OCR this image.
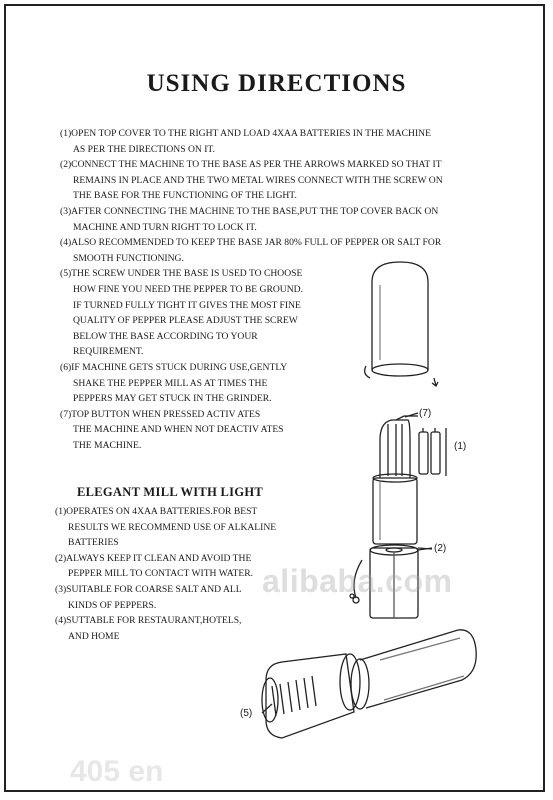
USING DIRECTIONS
(1)OPEN TOP COVER TO THE RIGHT AND LOAD 4XAA BATTERIES IN THE MACHINE
AS PER THE DIRECTIONS ON IT.
(2)CONNECT THE MACHINE TO THE BASE AS PER THE ARROWS MARKED SO THAT IT
REMAINS IN PLACE AND THE TWO METAL WIRES CONNECT WITH THE SCREW ON
THE BASE FOR THE FUNCTIONING OF THE LIGHT.
(3)AFTER CONNECTING THE MACHINE TO THE BASE,PUT THE TOP COVER BACK ON
MACHINE AND TURN RIGHT TO LOCK IT.
(4)ALSO RECOMMENDED TO KEEP THE BASE JAR 80% FULL OF PEPPER OR SALT FOR
SMOOTH FUNCTIONING.
(5)THE SCREW UNDER THE BASE IS USED TO CHOOSE
HOW FINE YOU NEED THE PEPPER TO BE GROUND.
IF TURNED FULLY TIGHT IT GIVES THE MOST FINE
QUALITY OF PEPPER PLEASE ADJUST THE SCREW
BELOW THE BASE ACCORDING TO YOUR
REQUIREMENT.
(6)IF MACHINE GETS STUCK DURING USE,GENTLY
SHAKE THE PEPPER MILL AS AT TIMES THE
PEPPERS MAY GET STUCK IN THE GRINDER.
(7)TOP BUTTON WHEN PRESSED ACTIV ATES
THE MACHINE AND WHEN NOT DEACTIV ATES
THE MACHINE.
ELEGANT MILL WITH LIGHT
(1)OPERATES ON 4XAA BATTERIES.FOR BEST
RESULTS WE RECOMMEND USE OF ALKALINE
BATTERIES
(2)ALWAYS KEEP IT CLEAN AND AVOID THE
PEPPER MILL TO CONTACT WITH WATER.
(3)SUITABLE FOR COARSE SALT AND ALL
KINDS OF PEPPERS.
(4)SUTTABLE FOR RESTAURANT,HOTELS,
AND HOME
(7)
(1)
(2)
(5)
alibaba.com
405 en
